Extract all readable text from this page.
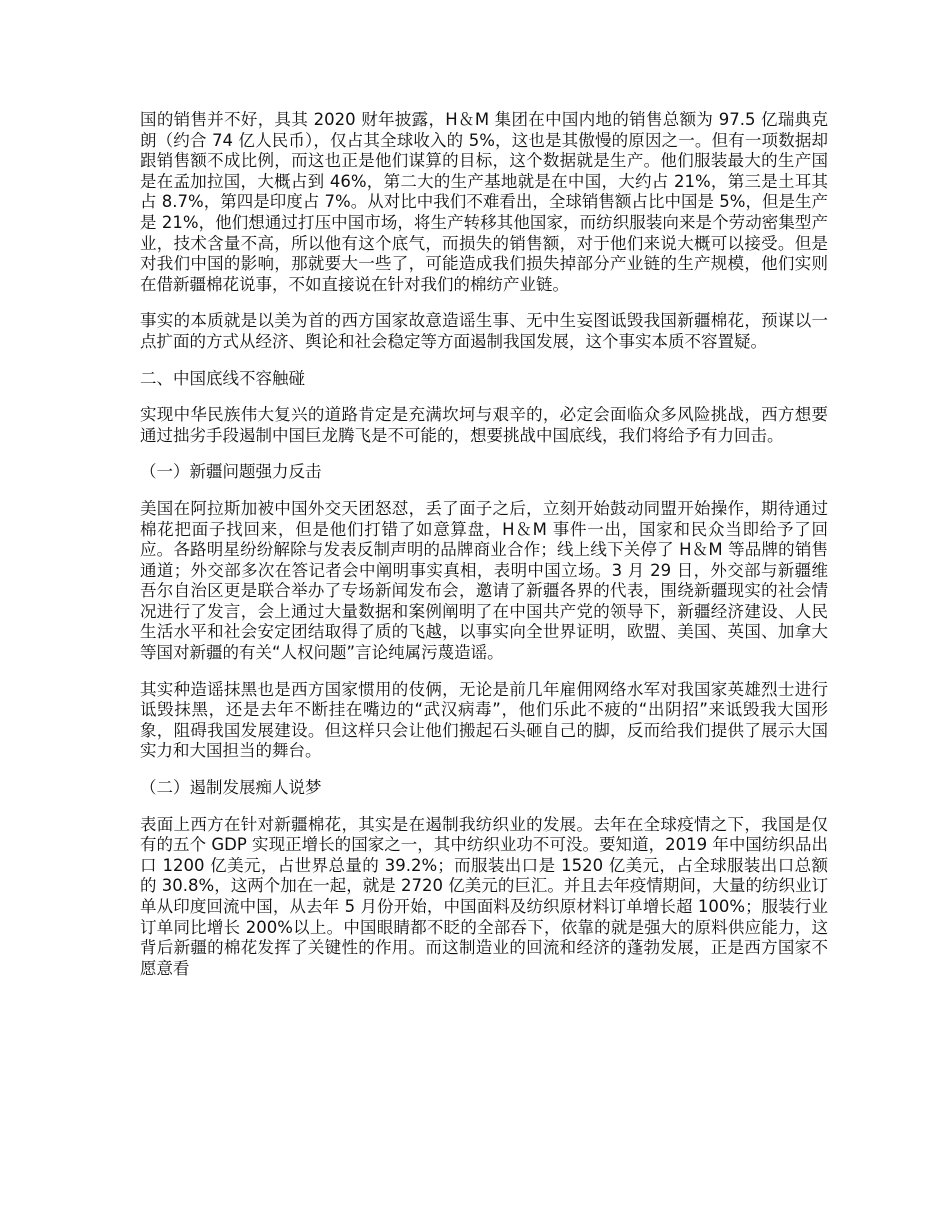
国的销售并不好，具其 2020 财年披露，H＆M 集团在中国内地的销售总额为 97.5 亿瑞典克朗（约合 74 亿人民币），仅占其全球收入的 5%，这也是其傲慢的原因之一。但有一项数据却跟销售额不成比例，而这也正是他们谋算的目标，这个数据就是生产。他们服装最大的生产国是在孟加拉国，大概占到 46%，第二大的生产基地就是在中国，大约占 21%，第三是土耳其占 8.7%，第四是印度占 7%。从对比中我们不难看出，全球销售额占比中国是 5%，但是生产是 21%，他们想通过打压中国市场，将生产转移其他国家，而纺织服装向来是个劳动密集型产业，技术含量不高，所以他有这个底气，而损失的销售额，对于他们来说大概可以接受。但是对我们中国的影响，那就要大一些了，可能造成我们损失掉部分产业链的生产规模，他们实则在借新疆棉花说事，不如直接说在针对我们的棉纺产业链。

事实的本质就是以美为首的西方国家故意造谣生事、无中生妄图诋毁我国新疆棉花，预谋以一点扩面的方式从经济、舆论和社会稳定等方面遏制我国发展，这个事实本质不容置疑。

二、中国底线不容触碰

实现中华民族伟大复兴的道路肯定是充满坎坷与艰辛的，必定会面临众多风险挑战，西方想要通过拙劣手段遏制中国巨龙腾飞是不可能的，想要挑战中国底线，我们将给予有力回击。

（一）新疆问题强力反击

美国在阿拉斯加被中国外交天团怒怼，丢了面子之后，立刻开始鼓动同盟开始操作，期待通过棉花把面子找回来，但是他们打错了如意算盘，H＆M 事件一出，国家和民众当即给予了回应。各路明星纷纷解除与发表反制声明的品牌商业合作；线上线下关停了 H＆M 等品牌的销售通道；外交部多次在答记者会中阐明事实真相，表明中国立场。3 月 29 日，外交部与新疆维吾尔自治区更是联合举办了专场新闻发布会，邀请了新疆各界的代表，围绕新疆现实的社会情况进行了发言，会上通过大量数据和案例阐明了在中国共产党的领导下，新疆经济建设、人民生活水平和社会安定团结取得了质的飞越，以事实向全世界证明，欧盟、美国、英国、加拿大等国对新疆的有关“人权问题”言论纯属污蔑造谣。

其实种造谣抹黑也是西方国家惯用的伎俩，无论是前几年雇佣网络水军对我国家英雄烈士进行诋毁抹黑，还是去年不断挂在嘴边的“武汉病毒”，他们乐此不疲的“出阴招”来诋毁我大国形象，阻碍我国发展建设。但这样只会让他们搬起石头砸自己的脚，反而给我们提供了展示大国实力和大国担当的舞台。

（二）遏制发展痴人说梦

表面上西方在针对新疆棉花，其实是在遏制我纺织业的发展。去年在全球疫情之下，我国是仅有的五个 GDP 实现正增长的国家之一，其中纺织业功不可没。要知道，2019 年中国纺织品出口 1200 亿美元，占世界总量的 39.2%；而服装出口是 1520 亿美元，占全球服装出口总额的 30.8%，这两个加在一起，就是 2720 亿美元的巨汇。并且去年疫情期间，大量的纺织业订单从印度回流中国，从去年 5 月份开始，中国面料及纺织原材料订单增长超 100%；服装行业订单同比增长 200%以上。中国眼睛都不眨的全部吞下，依靠的就是强大的原料供应能力，这背后新疆的棉花发挥了关键性的作用。而这制造业的回流和经济的蓬勃发展，正是西方国家不愿意看
